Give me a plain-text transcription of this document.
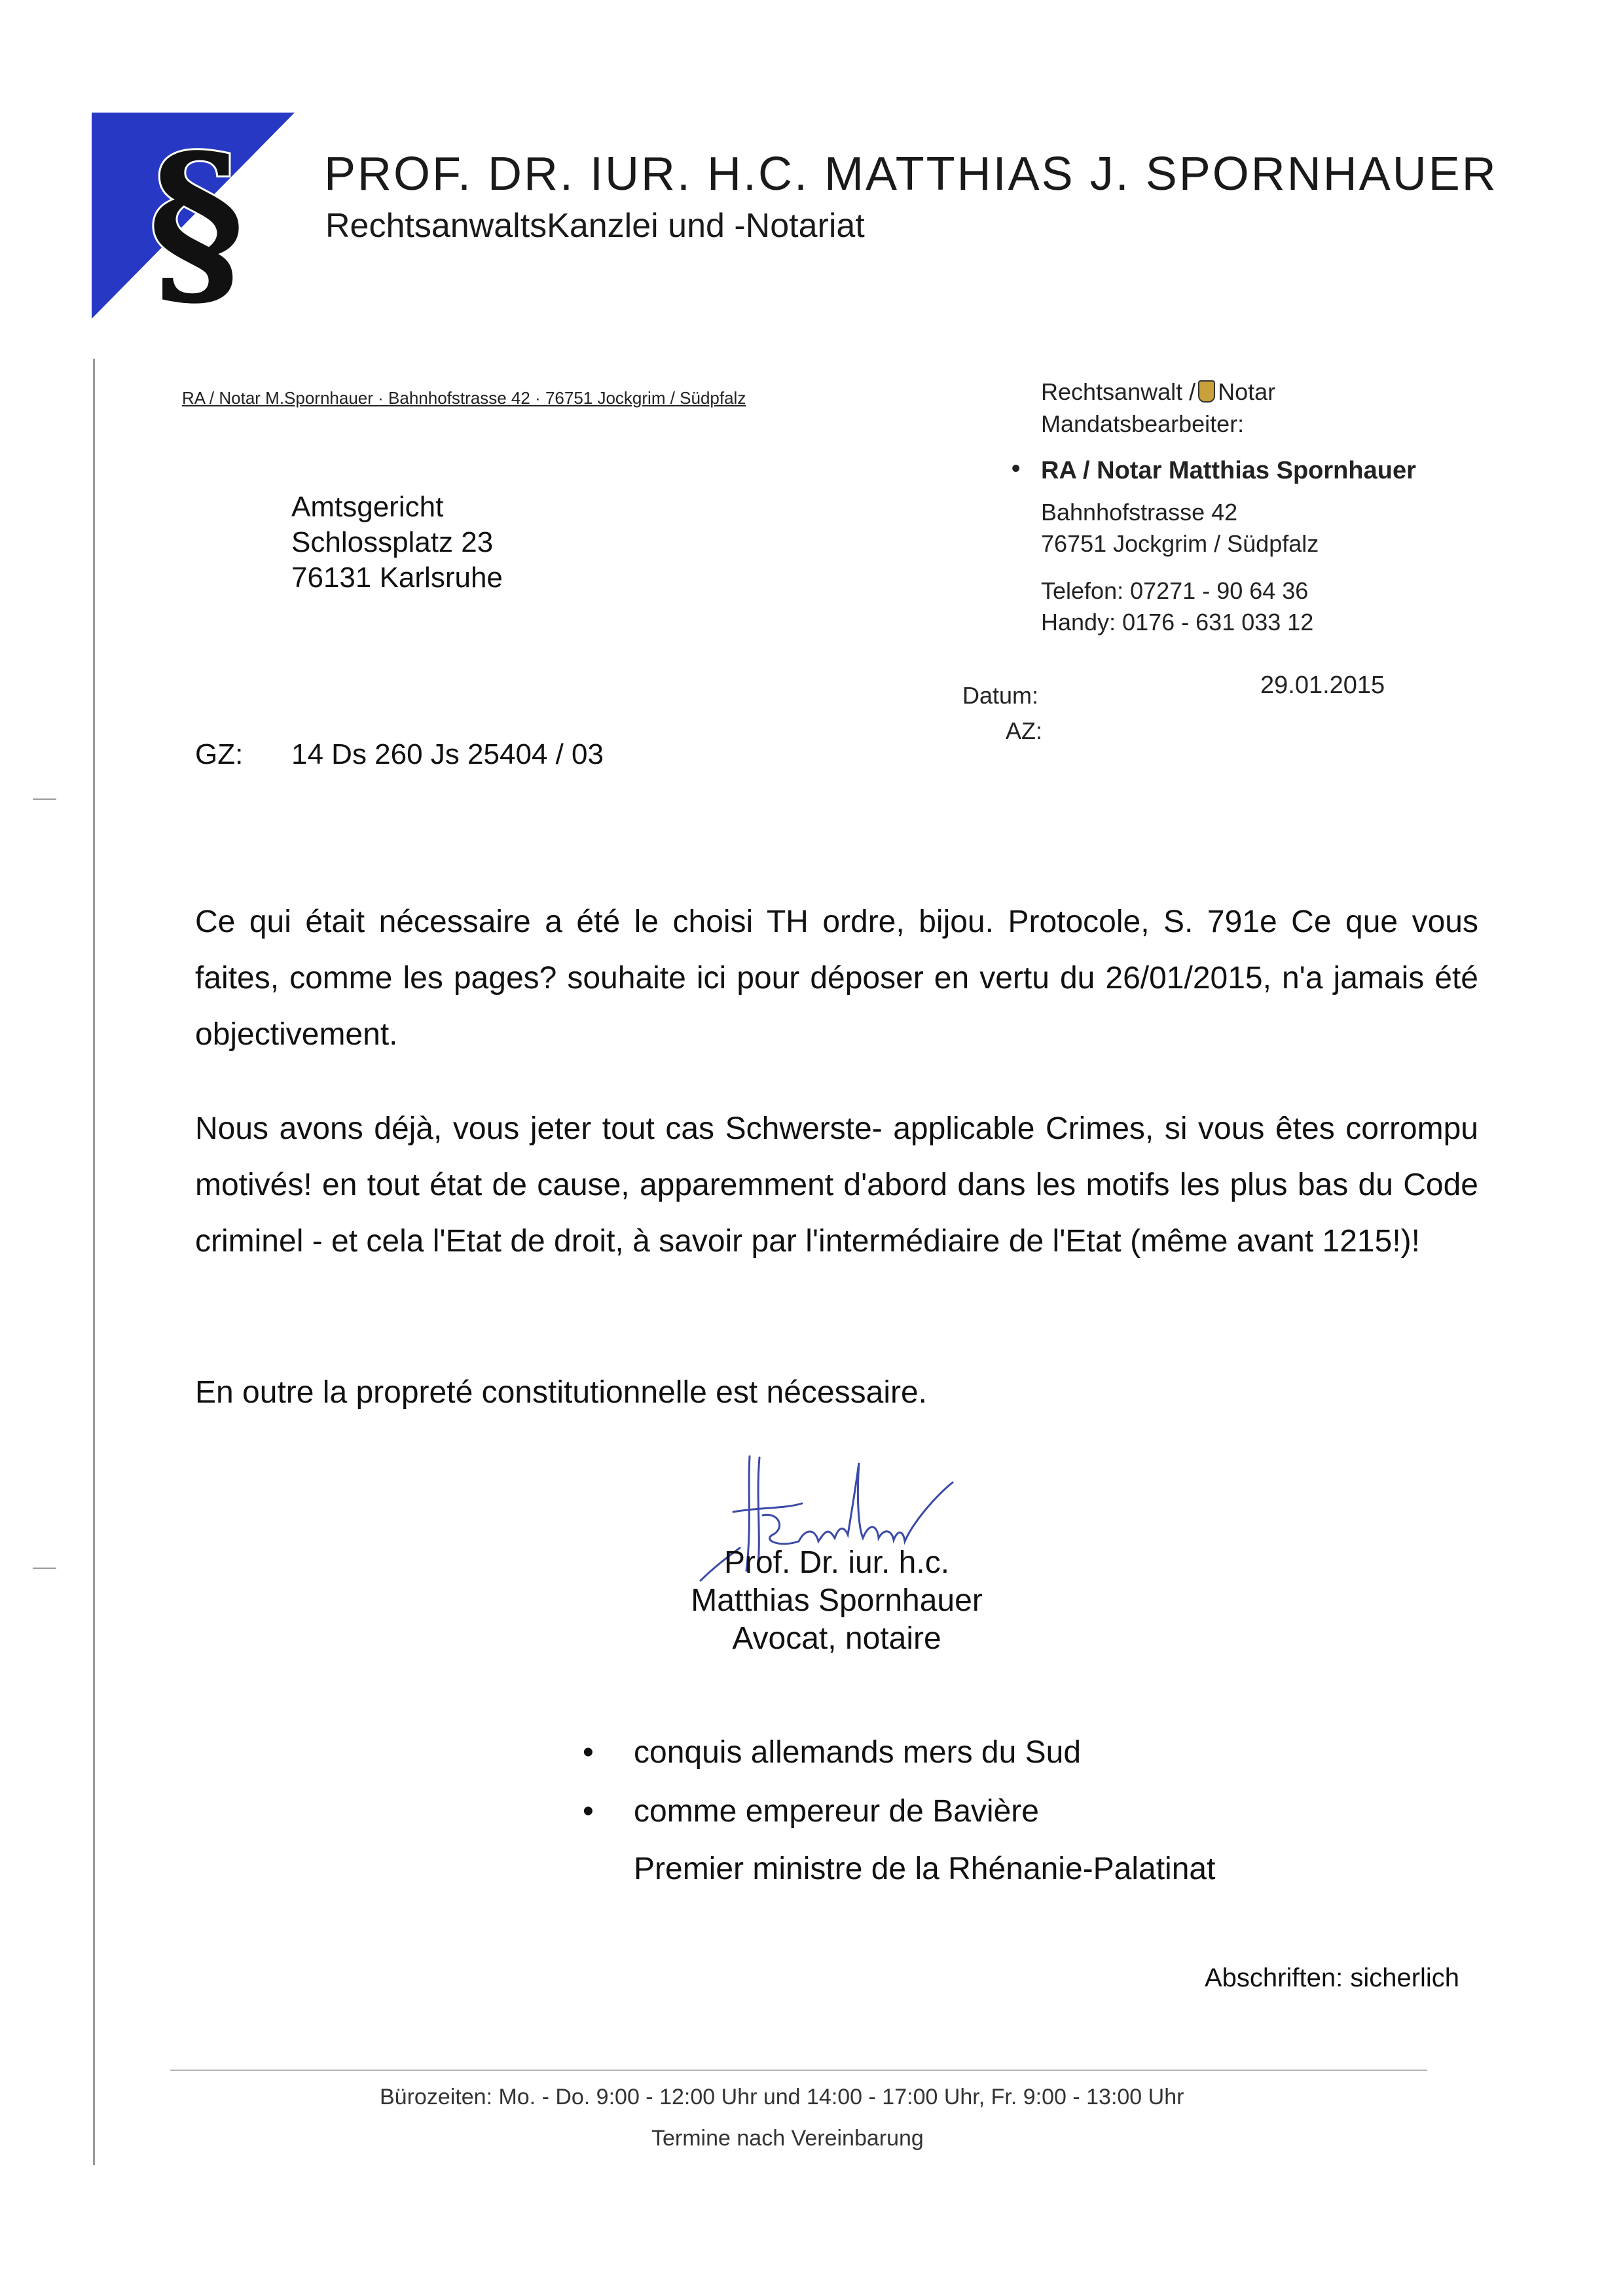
§ PROF. DR. IUR. H.C. MATTHIAS J. SPORNHAUER
RechtsanwaltsKanzlei und -Notariat
RA / Notar M.Spornhauer · Bahnhofstrasse 42 · 76751 Jockgrim / Südpfalz
Amtsgericht
Schlossplatz 23
76131 Karlsruhe
Rechtsanwalt / Notar
Mandatsbearbeiter:
• RA / Notar Matthias Spornhauer
Bahnhofstrasse 42
76751 Jockgrim / Südpfalz
Telefon: 07271 - 90 64 36
Handy: 0176 - 631 033 12
Datum:	29.01.2015
AZ:
GZ: 14 Ds 260 Js 25404 / 03
Ce qui était nécessaire a été le choisi TH ordre, bijou. Protocole, S. 791e Ce que vous faites, comme les pages? souhaite ici pour déposer en vertu du 26/01/2015, n'a jamais été objectivement.
Nous avons déjà, vous jeter tout cas Schwerste- applicable Crimes, si vous êtes corrompu motivés! en tout état de cause, apparemment d'abord dans les motifs les plus bas du Code criminel - et cela l'Etat de droit, à savoir par l'intermédiaire de l'Etat (même avant 1215!)!
En outre la propreté constitutionnelle est nécessaire.
Prof. Dr. iur. h.c.
Matthias Spornhauer
Avocat, notaire
• conquis allemands mers du Sud
• comme empereur de Bavière
Premier ministre de la Rhénanie-Palatinat
Abschriften: sicherlich
Bürozeiten: Mo. - Do. 9:00 - 12:00 Uhr und 14:00 - 17:00 Uhr, Fr. 9:00 - 13:00 Uhr
Termine nach Vereinbarung
